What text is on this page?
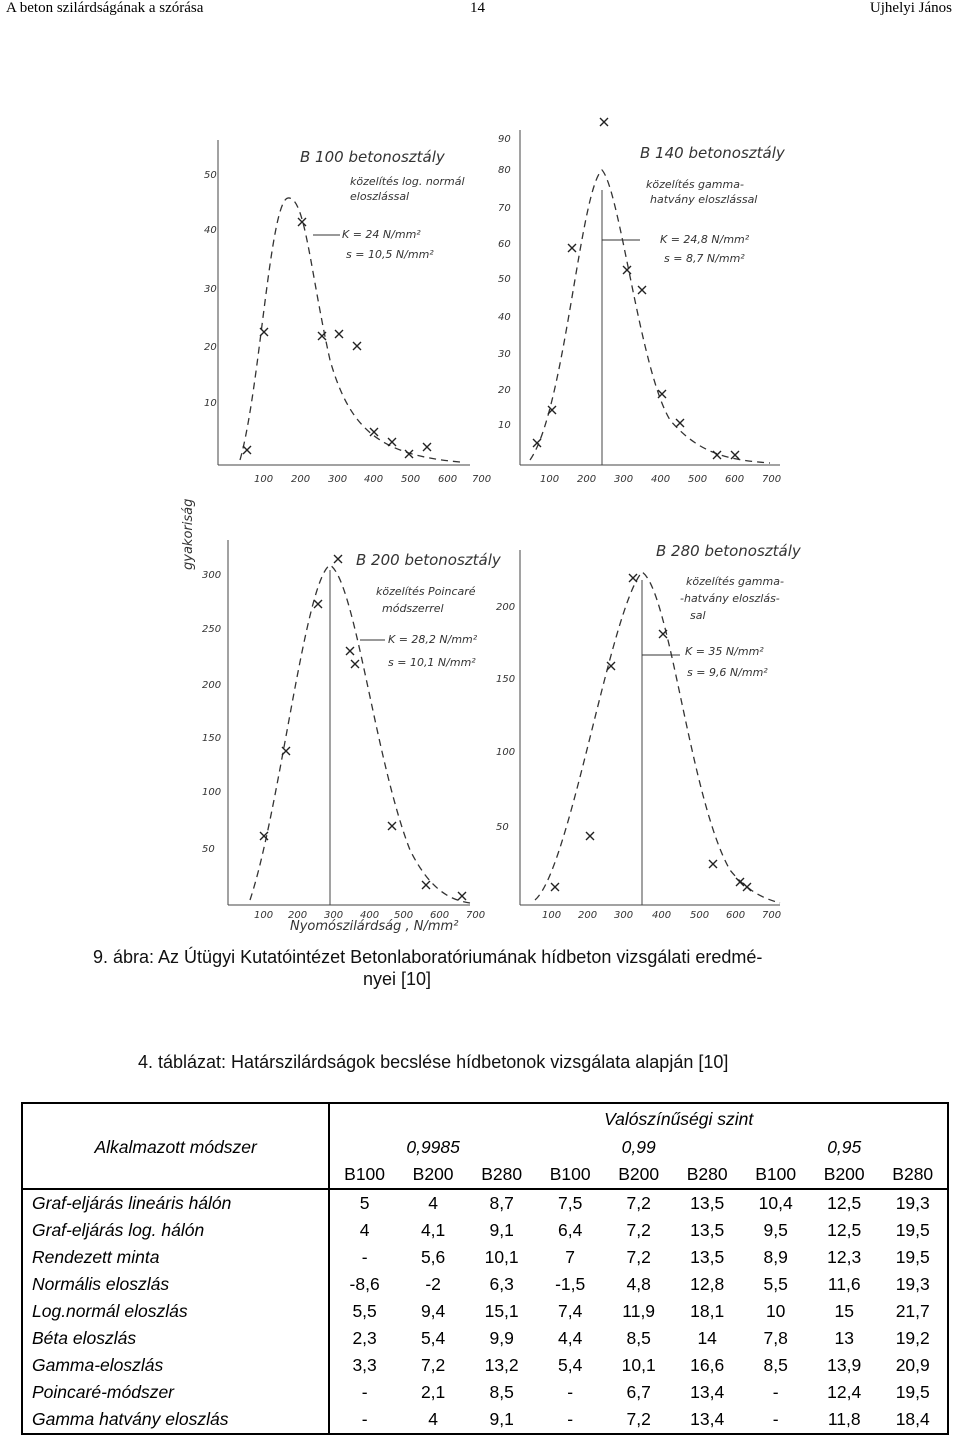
A beton szilárdságának a szórása	14	Ujhelyi János
gyakoriság
Nyomószilárdság , N/mm²
B 100 betonosztály
közelítés log. normál
eloszlással
K = 24 N/mm²
s = 10,5 N/mm²
50
40
30
20
10
100 200 300 400 500 600 700
B 140 betonosztály
közelítés gamma-
hatvány eloszlással
K = 24,8 N/mm²
s = 8,7 N/mm²
90
80
70
60
50
40
30
20
10
100 200 300 400 500 600 700
B 200 betonosztály
közelítés Poincaré
módszerrel
K = 28,2 N/mm²
s = 10,1 N/mm²
300
250
200
150
100
50
100 200 300 400 500 600 700
B 280 betonosztály
közelítés gamma-
-hatvány eloszlás-
sal
K = 35 N/mm²
s = 9,6 N/mm²
200
150
100
50
100 200 300 400 500 600 700
9. ábra: Az Útügyi Kutatóintézet Betonlaboratóriumának hídbeton vizsgálati eredmé-
nyei [10]
4. táblázat: Határszilárdságok becslése hídbetonok vizsgálata alapján [10]
	Valószínűségi szint								
Alkalmazott módszer	0,9985			0,99			0,95		
	B100	B200	B280	B100	B200	B280	B100	B200	B280
Graf-eljárás lineáris hálón	5	4	8,7	7,5	7,2	13,5	10,4	12,5	19,3
Graf-eljárás log. hálón	4	4,1	9,1	6,4	7,2	13,5	9,5	12,5	19,5
Rendezett minta	-	5,6	10,1	7	7,2	13,5	8,9	12,3	19,5
Normális eloszlás	-8,6	-2	6,3	-1,5	4,8	12,8	5,5	11,6	19,3
Log.normál eloszlás	5,5	9,4	15,1	7,4	11,9	18,1	10	15	21,7
Béta eloszlás	2,3	5,4	9,9	4,4	8,5	14	7,8	13	19,2
Gamma-eloszlás	3,3	7,2	13,2	5,4	10,1	16,6	8,5	13,9	20,9
Poincaré-módszer	-	2,1	8,5	-	6,7	13,4	-	12,4	19,5
Gamma hatvány eloszlás	-	4	9,1	-	7,2	13,4	-	11,8	18,4
